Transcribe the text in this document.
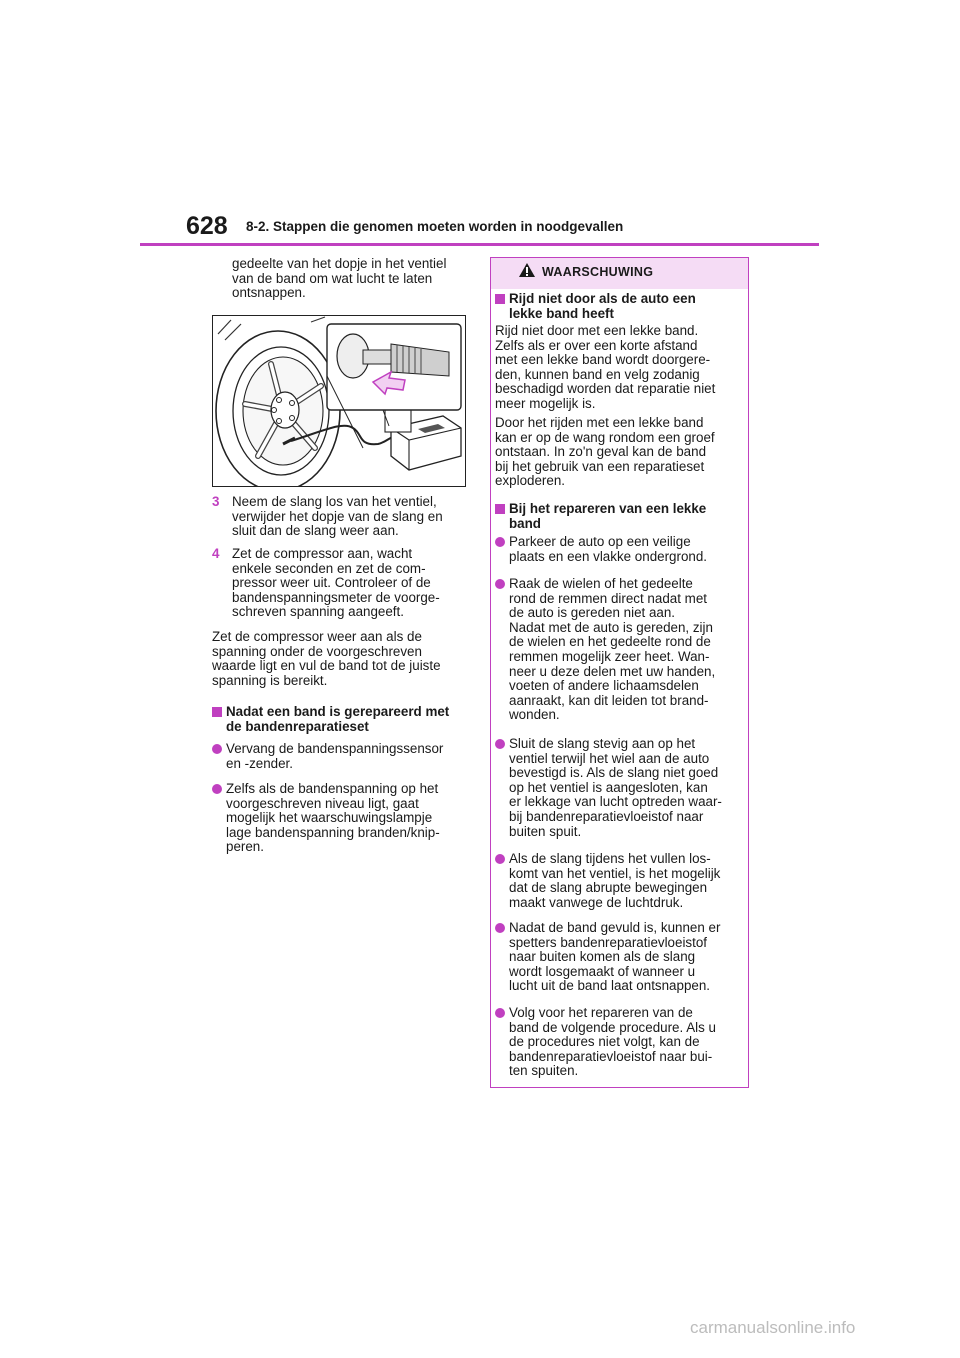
628 8-2. Stappen die genomen moeten worden in noodgevallen
gedeelte van het dopje in het ventiel
van de band om wat lucht te laten
ontsnappen.
3 Neem de slang los van het ventiel,
verwijder het dopje van de slang en
sluit dan de slang weer aan.
4 Zet de compressor aan, wacht
enkele seconden en zet de com-
pressor weer uit. Controleer of de
bandenspanningsmeter de voorge-
schreven spanning aangeeft.
Zet de compressor weer aan als de
spanning onder de voorgeschreven
waarde ligt en vul de band tot de juiste
spanning is bereikt.
Nadat een band is gerepareerd met
de bandenreparatieset
Vervang de bandenspanningssensor
en -zender.
Zelfs als de bandenspanning op het
voorgeschreven niveau ligt, gaat
mogelijk het waarschuwingslampje
lage bandenspanning branden/knip-
peren.
WAARSCHUWING
Rijd niet door als de auto een
lekke band heeft
Rijd niet door met een lekke band.
Zelfs als er over een korte afstand
met een lekke band wordt doorgere-
den, kunnen band en velg zodanig
beschadigd worden dat reparatie niet
meer mogelijk is.
Door het rijden met een lekke band
kan er op de wang rondom een groef
ontstaan. In zo'n geval kan de band
bij het gebruik van een reparatieset
exploderen.
Bij het repareren van een lekke
band
Parkeer de auto op een veilige
plaats en een vlakke ondergrond.
Raak de wielen of het gedeelte
rond de remmen direct nadat met
de auto is gereden niet aan.
Nadat met de auto is gereden, zijn
de wielen en het gedeelte rond de
remmen mogelijk zeer heet. Wan-
neer u deze delen met uw handen,
voeten of andere lichaamsdelen
aanraakt, kan dit leiden tot brand-
wonden.
Sluit de slang stevig aan op het
ventiel terwijl het wiel aan de auto
bevestigd is. Als de slang niet goed
op het ventiel is aangesloten, kan
er lekkage van lucht optreden waar-
bij bandenreparatievloeistof naar
buiten spuit.
Als de slang tijdens het vullen los-
komt van het ventiel, is het mogelijk
dat de slang abrupte bewegingen
maakt vanwege de luchtdruk.
Nadat de band gevuld is, kunnen er
spetters bandenreparatievloeistof
naar buiten komen als de slang
wordt losgemaakt of wanneer u
lucht uit de band laat ontsnappen.
Volg voor het repareren van de
band de volgende procedure. Als u
de procedures niet volgt, kan de
bandenreparatievloeistof naar bui-
ten spuiten.
carmanualsonline.info
